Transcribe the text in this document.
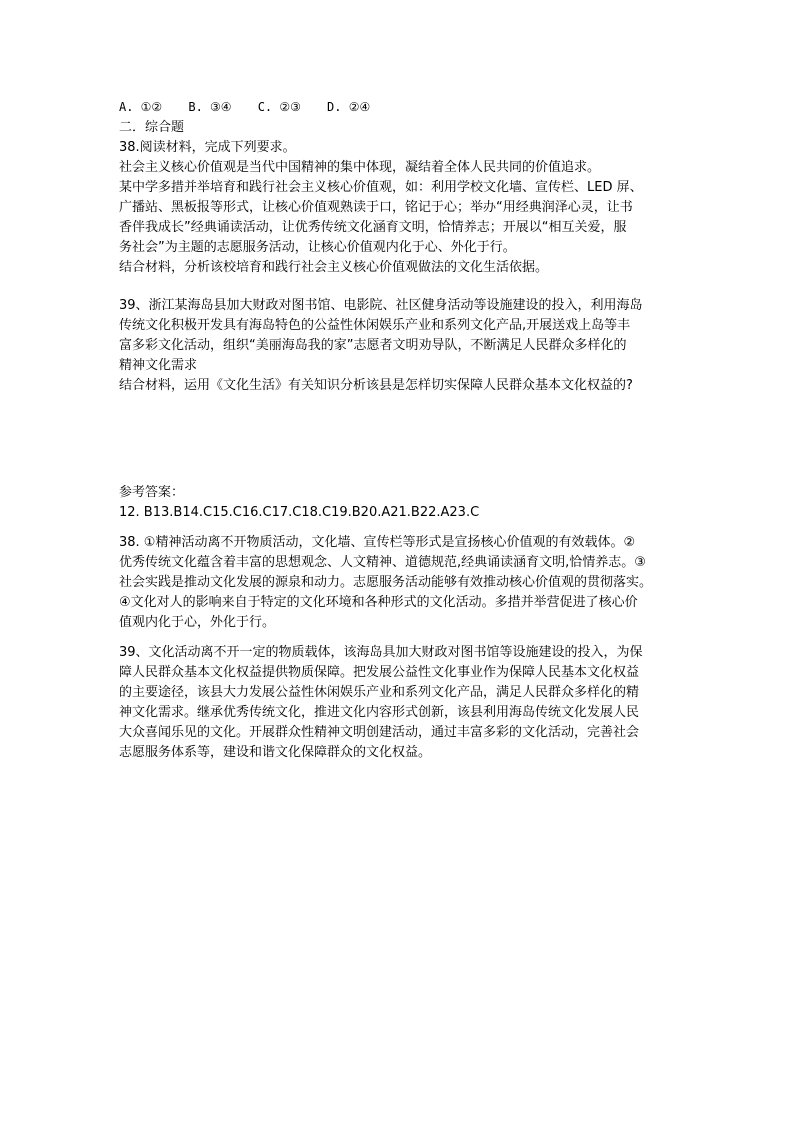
A. ①② B. ③④ C. ②③ D. ②④
二．综合题
38.阅读材料，完成下列要求。
社会主义核心价值观是当代中国精神的集中体现，凝结着全体人民共同的价值追求。
某中学多措并举培育和践行社会主义核心价值观，如：利用学校文化墙、宣传栏、LED 屏、
广播站、黑板报等形式，让核心价值观熟读于口，铭记于心；举办“用经典润泽心灵，让书
香伴我成长”经典诵读活动，让优秀传统文化涵育文明，恰情养志；开展以“相互关爱，服
务社会”为主题的志愿服务活动，让核心价值观内化于心、外化于行。
结合材料，分析该校培育和践行社会主义核心价值观做法的文化生活依据。
39、浙江某海岛县加大财政对图书馆、电影院、社区健身活动等设施建设的投入，利用海岛
传统文化积极开发具有海岛特色的公益性休闲娱乐产业和系列文化产品,开展送戏上岛等丰
富多彩文化活动，组织“美丽海岛我的家”志愿者文明劝导队，不断满足人民群众多样化的
精神文化需求
结合材料，运用《文化生活》有关知识分析该县是怎样切实保障人民群众基本文化权益的?
参考答案：
12. B13.B14.C15.C16.C17.C18.C19.B20.A21.B22.A23.C
38. ①精神活动离不开物质活动，文化墙、宣传栏等形式是宣扬核心价值观的有效载体。②
优秀传统文化蕴含着丰富的思想观念、人文精神、道德规范,经典诵读涵育文明,恰情养志。③
社会实践是推动文化发展的源泉和动力。志愿服务活动能够有效推动核心价值观的贯彻落实。
④文化对人的影响来自于特定的文化环境和各种形式的文化活动。多措并举营促进了核心价
值观内化于心，外化于行。
39、文化活动离不开一定的物质载体，该海岛具加大财政对图书馆等设施建设的投入，为保
障人民群众基本文化权益提供物质保障。把发展公益性文化事业作为保障人民基本文化权益
的主要途径，该县大力发展公益性休闲娱乐产业和系列文化产品，满足人民群众多样化的精
神文化需求。继承优秀传统文化，推进文化内容形式创新，该县利用海岛传统文化发展人民
大众喜闻乐见的文化。开展群众性精神文明创建活动，通过丰富多彩的文化活动，完善社会
志愿服务体系等，建设和谐文化保障群众的文化权益。
